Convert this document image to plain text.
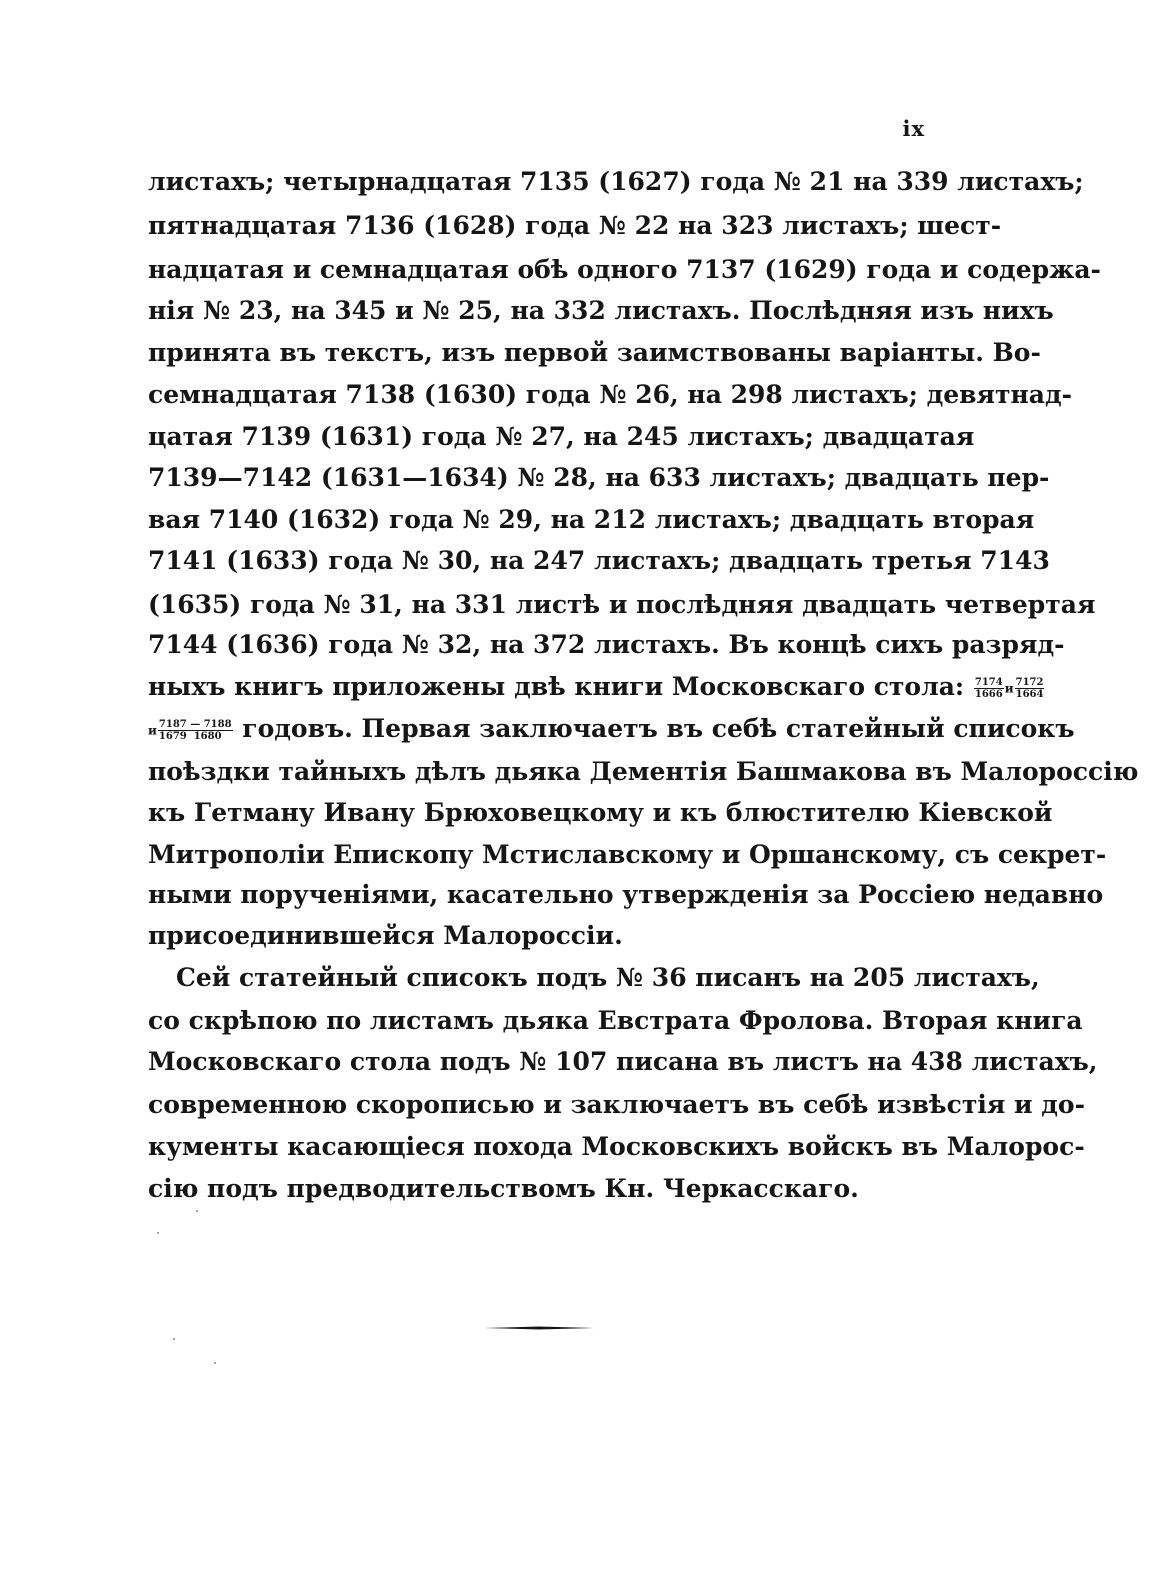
ix
листахъ; четырнадцатая 7135 (1627) года № 21 на 339 листахъ;
пятнадцатая 7136 (1628) года № 22 на 323 листахъ; шест-
надцатая и семнадцатая обѣ одного 7137 (1629) года и содержа-
нія № 23, на 345 и № 25, на 332 листахъ. Послѣдняя изъ нихъ
принята въ текстъ, изъ первой заимствованы варіанты. Во-
семнадцатая 7138 (1630) года № 26, на 298 листахъ; девятнад-
цатая 7139 (1631) года № 27, на 245 листахъ; двадцатая
7139—7142 (1631—1634) № 28, на 633 листахъ; двадцать пер-
вая 7140 (1632) года № 29, на 212 листахъ; двадцать вторая
7141 (1633) года № 30, на 247 листахъ; двадцать третья 7143
(1635) года № 31, на 331 листѣ и послѣдняя двадцать четвертая
7144 (1636) года № 32, на 372 листахъ. Въ концѣ сихъ разряд-
ныхъ книгъ приложены двѣ книги Московскаго стола: $\frac{7174}{1666}$ и $\frac{7172}{1664}$
и $\frac{7187 — 7188}{1679 1680}$ годовъ. Первая заключаетъ въ себѣ статейный списокъ
поѣздки тайныхъ дѣлъ дьяка Дементія Башмакова въ Малороссію
къ Гетману Ивану Брюховецкому и къ блюстителю Кіевской
Митрополіи Епископу Мстиславскому и Оршанскому, съ секрет-
ными порученіями, касательно утвержденія за Россіею недавно
присоединившейся Малороссіи.
Сей статейный списокъ подъ № 36 писанъ на 205 листахъ,
со скрѣпою по листамъ дьяка Евстрата Фролова. Вторая книга
Московскаго стола подъ № 107 писана въ листъ на 438 листахъ,
современною скорописью и заключаетъ въ себѣ извѣстія и до-
кументы касающіеся похода Московскихъ войскъ въ Малорос-
сію подъ предводительствомъ Кн. Черкасскаго.
